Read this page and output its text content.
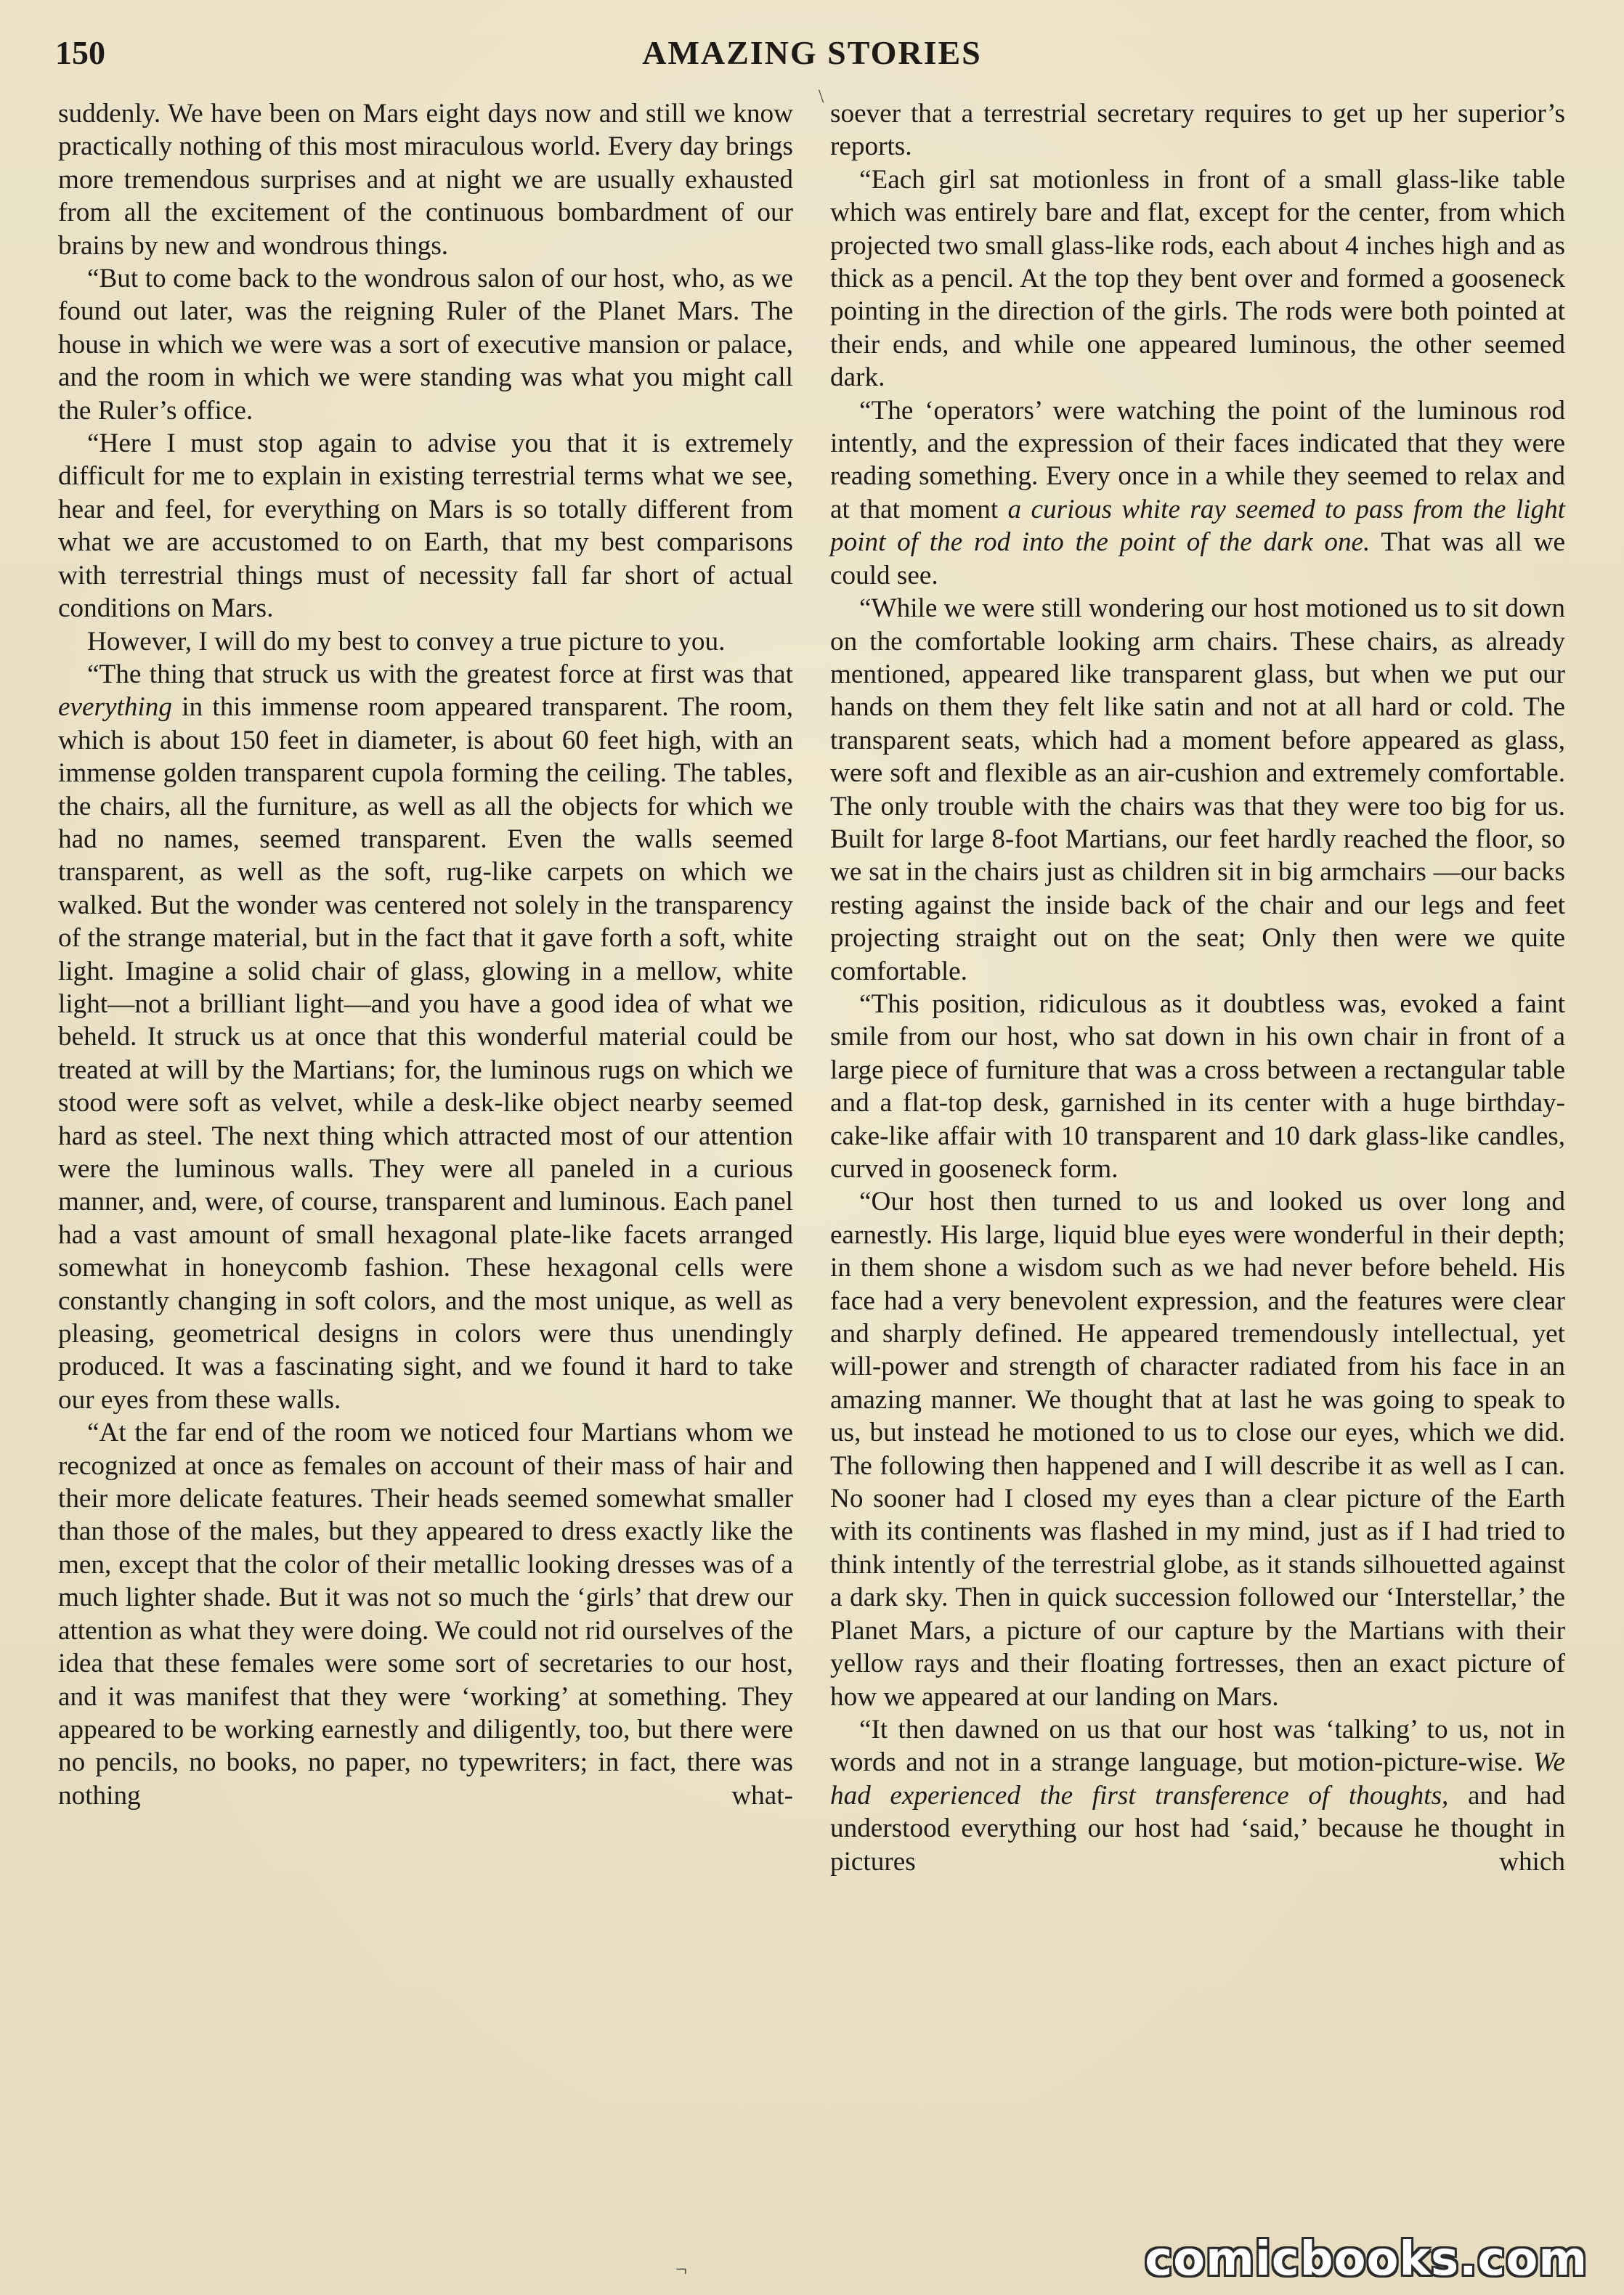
150	AMAZING STORIES
\

suddenly. We have been on Mars eight days now and still we know practically nothing of this most miraculous world. Every day brings more tremendous surprises and at night we are usually exhausted from all the excitement of the continuous bombardment of our brains by new and wondrous things.

“But to come back to the wondrous salon of our host, who, as we found out later, was the reigning Ruler of the Planet Mars. The house in which we were was a sort of executive mansion or palace, and the room in which we were standing was what you might call the Ruler’s office.

“Here I must stop again to advise you that it is extremely difficult for me to explain in existing terrestrial terms what we see, hear and feel, for everything on Mars is so totally different from what we are accustomed to on Earth, that my best comparisons with terrestrial things must of necessity fall far short of actual conditions on Mars.

However, I will do my best to convey a true picture to you.

“The thing that struck us with the greatest force at first was that everything in this immense room appeared transparent. The room, which is about 150 feet in diameter, is about 60 feet high, with an immense golden transparent cupola forming the ceiling. The tables, the chairs, all the furniture, as well as all the objects for which we had no names, seemed transparent. Even the walls seemed transparent, as well as the soft, rug-like carpets on which we walked. But the wonder was centered not solely in the transparency of the strange material, but in the fact that it gave forth a soft, white light. Imagine a solid chair of glass, glowing in a mellow, white light—not a brilliant light—and you have a good idea of what we beheld. It struck us at once that this wonderful material could be treated at will by the Martians; for, the luminous rugs on which we stood were soft as velvet, while a desk-like object nearby seemed hard as steel. The next thing which attracted most of our attention were the luminous walls. They were all paneled in a curious manner, and, were, of course, transparent and luminous. Each panel had a vast amount of small hexagonal plate-like facets arranged somewhat in honeycomb fashion. These hexagonal cells were constantly changing in soft colors, and the most unique, as well as pleasing, geometrical designs in colors were thus unendingly produced. It was a fascinating sight, and we found it hard to take our eyes from these walls.

“At the far end of the room we noticed four Martians whom we recognized at once as females on account of their mass of hair and their more delicate features. Their heads seemed somewhat smaller than those of the males, but they appeared to dress exactly like the men, except that the color of their metallic looking dresses was of a much lighter shade. But it was not so much the ‘girls’ that drew our attention as what they were doing. We could not rid ourselves of the idea that these females were some sort of secretaries to our host, and it was manifest that they were ‘working’ at something. They appeared to be working earnestly and diligently, too, but there were no pencils, no books, no paper, no typewriters; in fact, there was nothing what-

soever that a terrestrial secretary requires to get up her superior’s reports.

“Each girl sat motionless in front of a small glass-like table which was entirely bare and flat, except for the center, from which projected two small glass-like rods, each about 4 inches high and as thick as a pencil. At the top they bent over and formed a gooseneck pointing in the direction of the girls. The rods were both pointed at their ends, and while one appeared luminous, the other seemed dark.

“The ‘operators’ were watching the point of the luminous rod intently, and the expression of their faces indicated that they were reading something. Every once in a while they seemed to relax and at that moment a curious white ray seemed to pass from the light point of the rod into the point of the dark one. That was all we could see.

“While we were still wondering our host motioned us to sit down on the comfortable looking arm chairs. These chairs, as already mentioned, appeared like transparent glass, but when we put our hands on them they felt like satin and not at all hard or cold. The transparent seats, which had a moment before appeared as glass, were soft and flexible as an air-cushion and extremely comfortable. The only trouble with the chairs was that they were too big for us. Built for large 8-foot Martians, our feet hardly reached the floor, so we sat in the chairs just as children sit in big armchairs —our backs resting against the inside back of the chair and our legs and feet projecting straight out on the seat; Only then were we quite comfortable.

“This position, ridiculous as it doubtless was, evoked a faint smile from our host, who sat down in his own chair in front of a large piece of furniture that was a cross between a rectangular table and a flat-top desk, garnished in its center with a huge birthday-cake-like affair with 10 transparent and 10 dark glass-like candles, curved in gooseneck form.

“Our host then turned to us and looked us over long and earnestly. His large, liquid blue eyes were wonderful in their depth; in them shone a wisdom such as we had never before beheld. His face had a very benevolent expression, and the features were clear and sharply defined. He appeared tremendously intellectual, yet will-power and strength of character radiated from his face in an amazing manner. We thought that at last he was going to speak to us, but instead he motioned to us to close our eyes, which we did. The following then happened and I will describe it as well as I can. No sooner had I closed my eyes than a clear picture of the Earth with its continents was flashed in my mind, just as if I had tried to think intently of the terrestrial globe, as it stands silhouetted against a dark sky. Then in quick succession followed our ‘Interstellar,’ the Planet Mars, a picture of our capture by the Martians with their yellow rays and their floating fortresses, then an exact picture of how we appeared at our landing on Mars.

“It then dawned on us that our host was ‘talking’ to us, not in words and not in a strange language, but motion-picture-wise. We had experienced the first transference of thoughts, and had understood everything our host had ‘said,’ because he thought in pictures which

¬	comicbooks.com
